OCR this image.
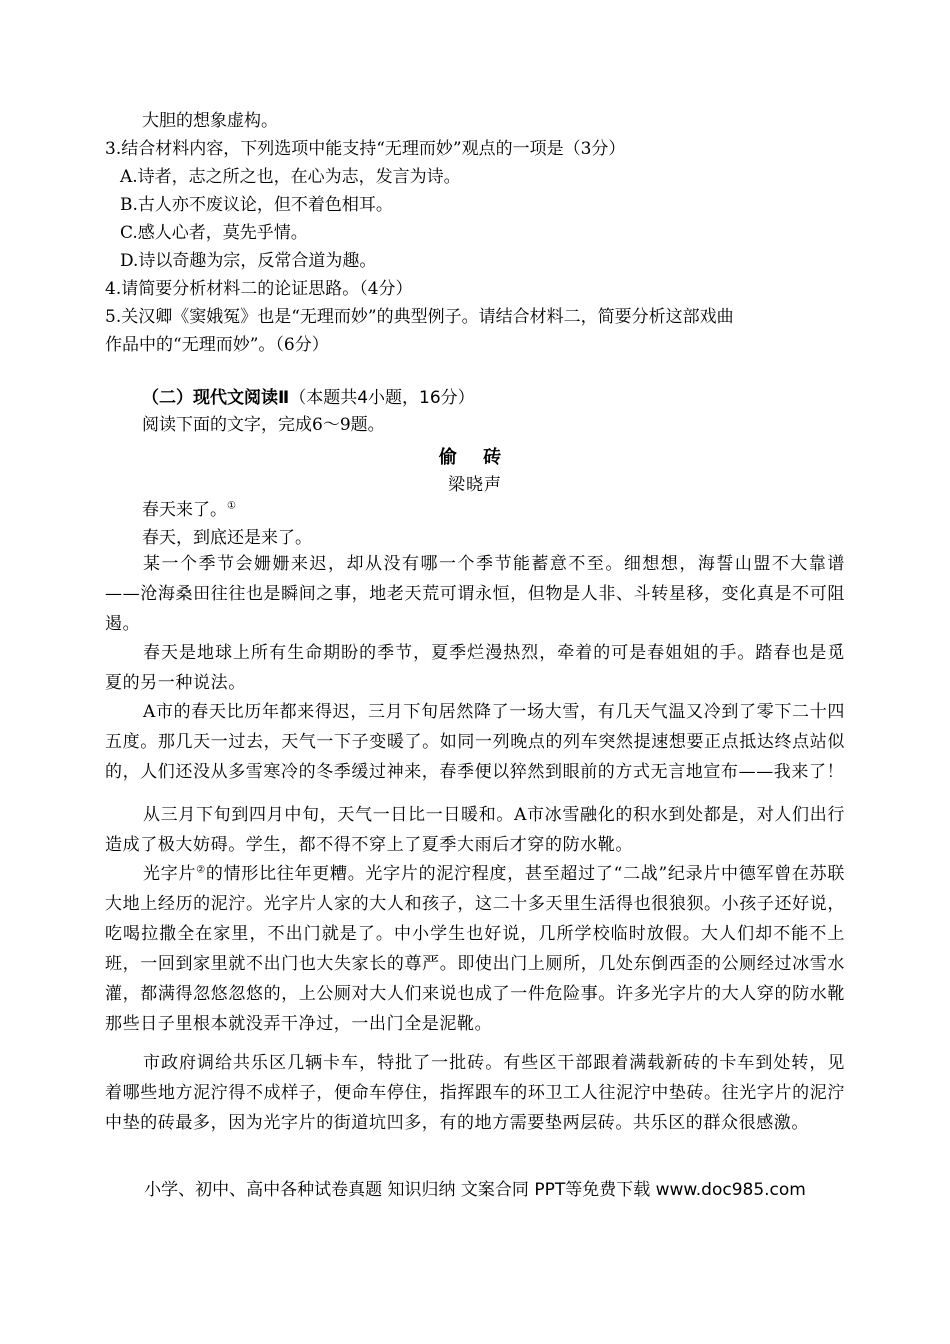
大胆的想象虚构。
3.结合材料内容，下列选项中能支持“无理而妙”观点的一项是（3分）
A.诗者，志之所之也，在心为志，发言为诗。
B.古人亦不废议论，但不着色相耳。
C.感人心者，莫先乎情。
D.诗以奇趣为宗，反常合道为趣。
4.请简要分析材料二的论证思路。（4分）
5.关汉卿《窦娥冤》也是“无理而妙”的典型例子。请结合材料二，简要分析这部戏曲
作品中的“无理而妙”。（6分）
（二）现代文阅读Ⅱ（本题共4小题，16分）
阅读下面的文字，完成6～9题。
偷 砖
梁晓声
春天来了。①
春天，到底还是来了。
某一个季节会姗姗来迟，却从没有哪一个季节能蓄意不至。细想想，海誓山盟不大靠谱——沧海桑田往往也是瞬间之事，地老天荒可谓永恒，但物是人非、斗转星移，变化真是不可阻遏。
春天是地球上所有生命期盼的季节，夏季烂漫热烈，牵着的可是春姐姐的手。踏春也是觅夏的另一种说法。
A市的春天比历年都来得迟，三月下旬居然降了一场大雪，有几天气温又冷到了零下二十四五度。那几天一过去，天气一下子变暖了。如同一列晚点的列车突然提速想要正点抵达终点站似的，人们还没从多雪寒冷的冬季缓过神来，春季便以猝然到眼前的方式无言地宣布——我来了！
从三月下旬到四月中旬，天气一日比一日暖和。A市冰雪融化的积水到处都是，对人们出行造成了极大妨碍。学生，都不得不穿上了夏季大雨后才穿的防水靴。
光字片②的情形比往年更糟。光字片的泥泞程度，甚至超过了“二战”纪录片中德军曾在苏联大地上经历的泥泞。光字片人家的大人和孩子，这二十多天里生活得也很狼狈。小孩子还好说，吃喝拉撒全在家里，不出门就是了。中小学生也好说，几所学校临时放假。大人们却不能不上班，一回到家里就不出门也大失家长的尊严。即使出门上厕所，几处东倒西歪的公厕经过冰雪水灌，都满得忽悠忽悠的，上公厕对大人们来说也成了一件危险事。许多光字片的大人穿的防水靴那些日子里根本就没弄干净过，一出门全是泥靴。
市政府调给共乐区几辆卡车，特批了一批砖。有些区干部跟着满载新砖的卡车到处转，见着哪些地方泥泞得不成样子，便命车停住，指挥跟车的环卫工人往泥泞中垫砖。往光字片的泥泞中垫的砖最多，因为光字片的街道坑凹多，有的地方需要垫两层砖。共乐区的群众很感激。
小学、初中、高中各种试卷真题 知识归纳 文案合同 PPT等免费下载 www.doc985.com
